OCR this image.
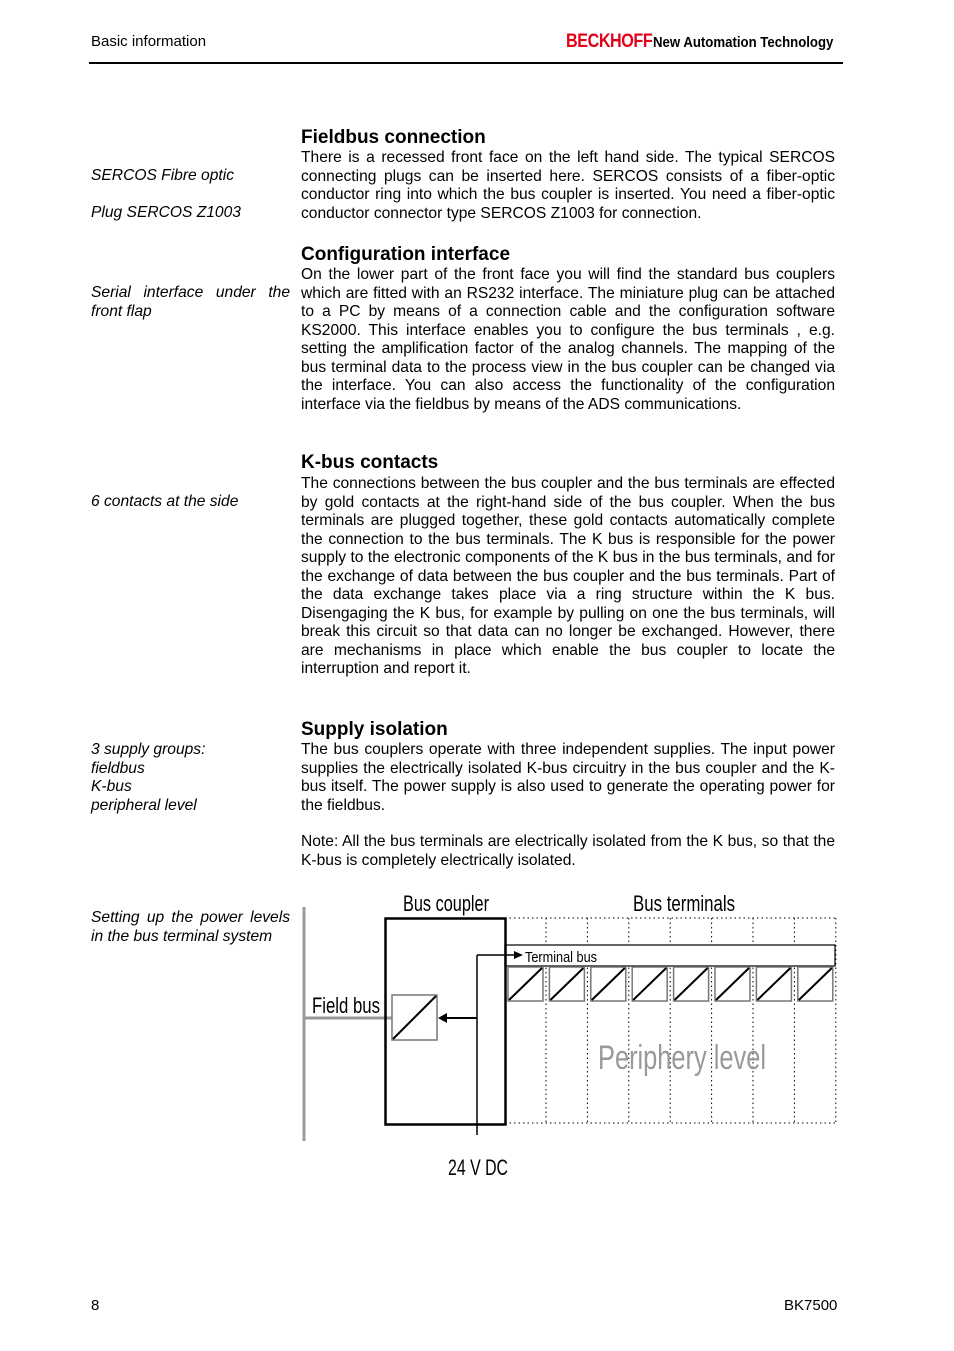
Basic information	BECKHOFF New Automation Technology
Fieldbus connection
There is a recessed front face on the left hand side. The typical SERCOS connecting plugs can be inserted here. SERCOS consists of a fiber-optic conductor ring into which the bus coupler is inserted. You need a fiber-optic conductor connector type SERCOS Z1003 for connection.
SERCOS Fibre optic
Plug SERCOS Z1003
Configuration interface
On the lower part of the front face you will find the standard bus couplers which are fitted with an RS232 interface. The miniature plug can be attached to a PC by means of a connection cable and the configuration software KS2000. This interface enables you to configure the bus terminals , e.g. setting the amplification factor of the analog channels. The mapping of the bus terminal data to the process view in the bus coupler can be changed via the interface. You can also access the functionality of the configuration interface via the fieldbus by means of the ADS communications.
Serial interface under the front flap
K-bus contacts
The connections between the bus coupler and the bus terminals are effected by gold contacts at the right-hand side of the bus coupler. When the bus terminals are plugged together, these gold contacts automatically complete the connection to the bus terminals. The K bus is responsible for the power supply to the electronic components of the K bus in the bus terminals, and for the exchange of data between the bus coupler and the bus terminals. Part of the data exchange takes place via a ring structure within the K bus. Disengaging the K bus, for example by pulling on one the bus terminals, will break this circuit so that data can no longer be exchanged. However, there are mechanisms in place which enable the bus coupler to locate the interruption and report it.
6 contacts at the side
Supply isolation
The bus couplers operate with three independent supplies. The input power supplies the electrically isolated K-bus circuitry in the bus coupler and the K-bus itself. The power supply is also used to generate the operating power for the fieldbus.
Note: All the bus terminals are electrically isolated from the K bus, so that the K-bus is completely electrically isolated.
3 supply groups:
fieldbus
K-bus
peripheral level
Setting up the power levels in the bus terminal system
Terminal bus
Bus coupler	Bus terminals
Field bus
Periphery level
24 V DC
8	BK7500
